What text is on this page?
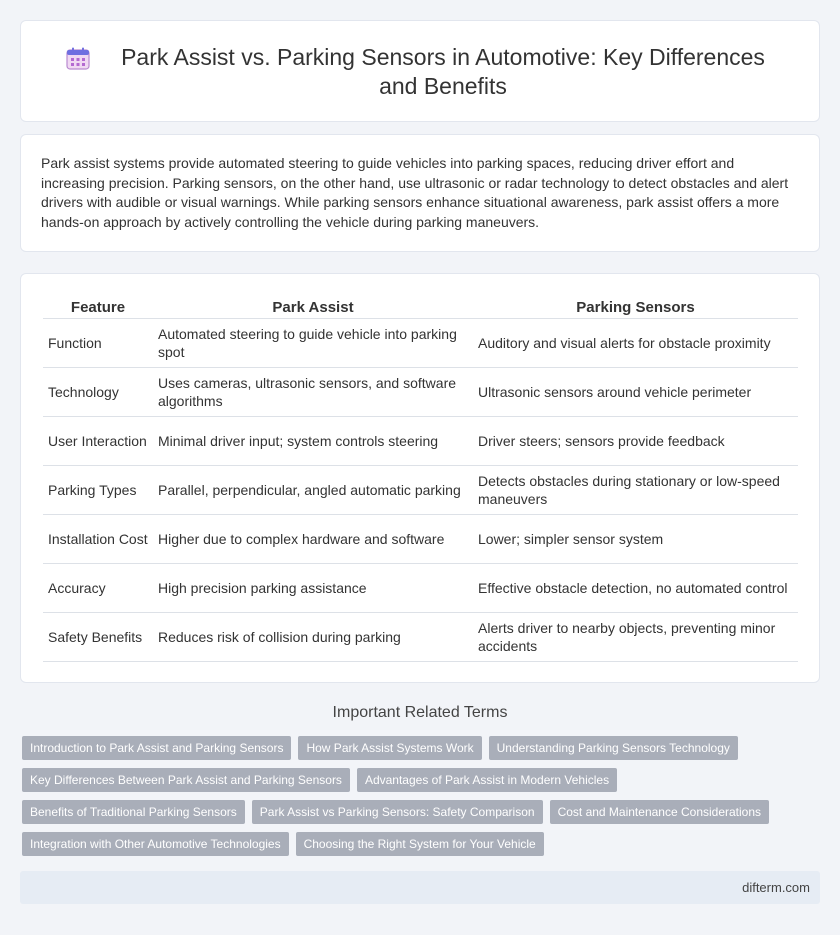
Park Assist vs. Parking Sensors in Automotive: Key Differences and Benefits

Park assist systems provide automated steering to guide vehicles into parking spaces, reducing driver effort and increasing precision. Parking sensors, on the other hand, use ultrasonic or radar technology to detect obstacles and alert drivers with audible or visual warnings. While parking sensors enhance situational awareness, park assist offers a more hands-on approach by actively controlling the vehicle during parking maneuvers.

Feature	Park Assist	Parking Sensors
Function	Automated steering to guide vehicle into parking spot	Auditory and visual alerts for obstacle proximity
Technology	Uses cameras, ultrasonic sensors, and software algorithms	Ultrasonic sensors around vehicle perimeter
User Interaction	Minimal driver input; system controls steering	Driver steers; sensors provide feedback
Parking Types	Parallel, perpendicular, angled automatic parking	Detects obstacles during stationary or low-speed maneuvers
Installation Cost	Higher due to complex hardware and software	Lower; simpler sensor system
Accuracy	High precision parking assistance	Effective obstacle detection, no automated control
Safety Benefits	Reduces risk of collision during parking	Alerts driver to nearby objects, preventing minor accidents
Important Related Terms
Introduction to Park Assist and Parking Sensors	How Park Assist Systems Work	Understanding Parking Sensors Technology
Key Differences Between Park Assist and Parking Sensors	Advantages of Park Assist in Modern Vehicles
Benefits of Traditional Parking Sensors	Park Assist vs Parking Sensors: Safety Comparison	Cost and Maintenance Considerations
Integration with Other Automotive Technologies	Choosing the Right System for Your Vehicle
difterm.com
